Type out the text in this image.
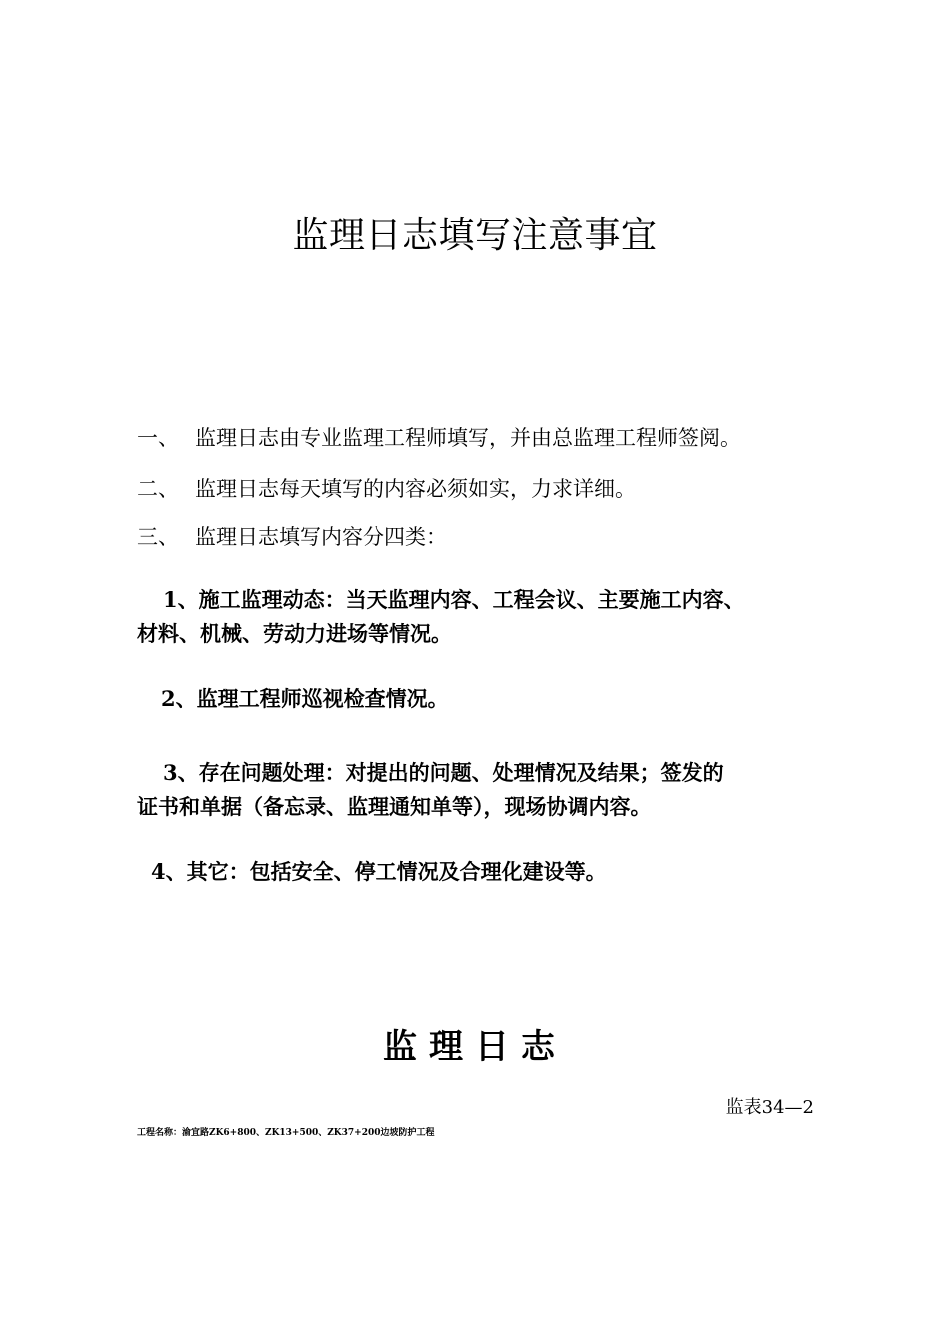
监理日志填写注意事宜
一、 监理日志由专业监理工程师填写，并由总监理工程师签阅。
二、 监理日志每天填写的内容必须如实，力求详细。
三、 监理日志填写内容分四类：
1、施工监理动态：当天监理内容、工程会议、主要施工内容、
材料、机械、劳动力进场等情况。
2、监理工程师巡视检查情况。
3、存在问题处理：对提出的问题、处理情况及结果；签发的
证书和单据（备忘录、监理通知单等），现场协调内容。
4、其它：包括安全、停工情况及合理化建设等。
监理日志
监表34—2
工程名称：渝宜路ZK6+800、ZK13+500、ZK37+200边坡防护工程
